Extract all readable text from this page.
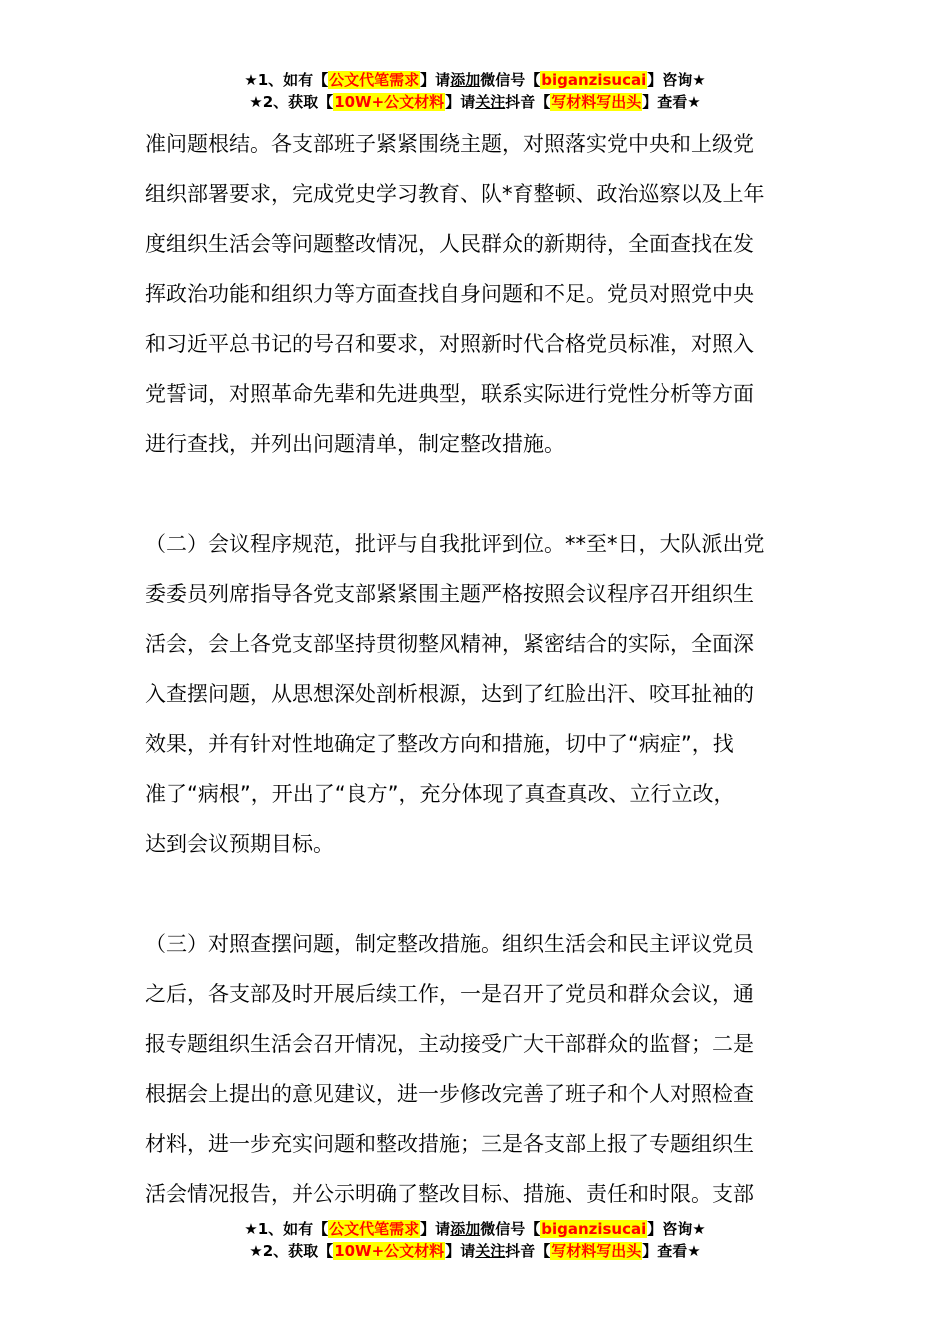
★1、如有【公文代笔需求】请添加微信号【biganzisucai】咨询★
★2、获取【10W+公文材料】请关注抖音【写材料写出头】查看★
准问题根结。各支部班子紧紧围绕主题，对照落实党中央和上级党
组织部署要求，完成党史学习教育、队*育整顿、政治巡察以及上年
度组织生活会等问题整改情况，人民群众的新期待，全面查找在发
挥政治功能和组织力等方面查找自身问题和不足。党员对照党中央
和习近平总书记的号召和要求，对照新时代合格党员标准，对照入
党誓词，对照革命先辈和先进典型，联系实际进行党性分析等方面
进行查找，并列出问题清单，制定整改措施。
（二）会议程序规范，批评与自我批评到位。**至*日，大队派出党
委委员列席指导各党支部紧紧围主题严格按照会议程序召开组织生
活会，会上各党支部坚持贯彻整风精神，紧密结合的实际，全面深
入查摆问题，从思想深处剖析根源，达到了红脸出汗、咬耳扯袖的
效果，并有针对性地确定了整改方向和措施，切中了“病症”，找
准了“病根”，开出了“良方”，充分体现了真查真改、立行立改，
达到会议预期目标。
（三）对照查摆问题，制定整改措施。组织生活会和民主评议党员
之后，各支部及时开展后续工作，一是召开了党员和群众会议，通
报专题组织生活会召开情况，主动接受广大干部群众的监督；二是
根据会上提出的意见建议，进一步修改完善了班子和个人对照检查
材料，进一步充实问题和整改措施；三是各支部上报了专题组织生
活会情况报告，并公示明确了整改目标、措施、责任和时限。支部
★1、如有【公文代笔需求】请添加微信号【biganzisucai】咨询★
★2、获取【10W+公文材料】请关注抖音【写材料写出头】查看★
